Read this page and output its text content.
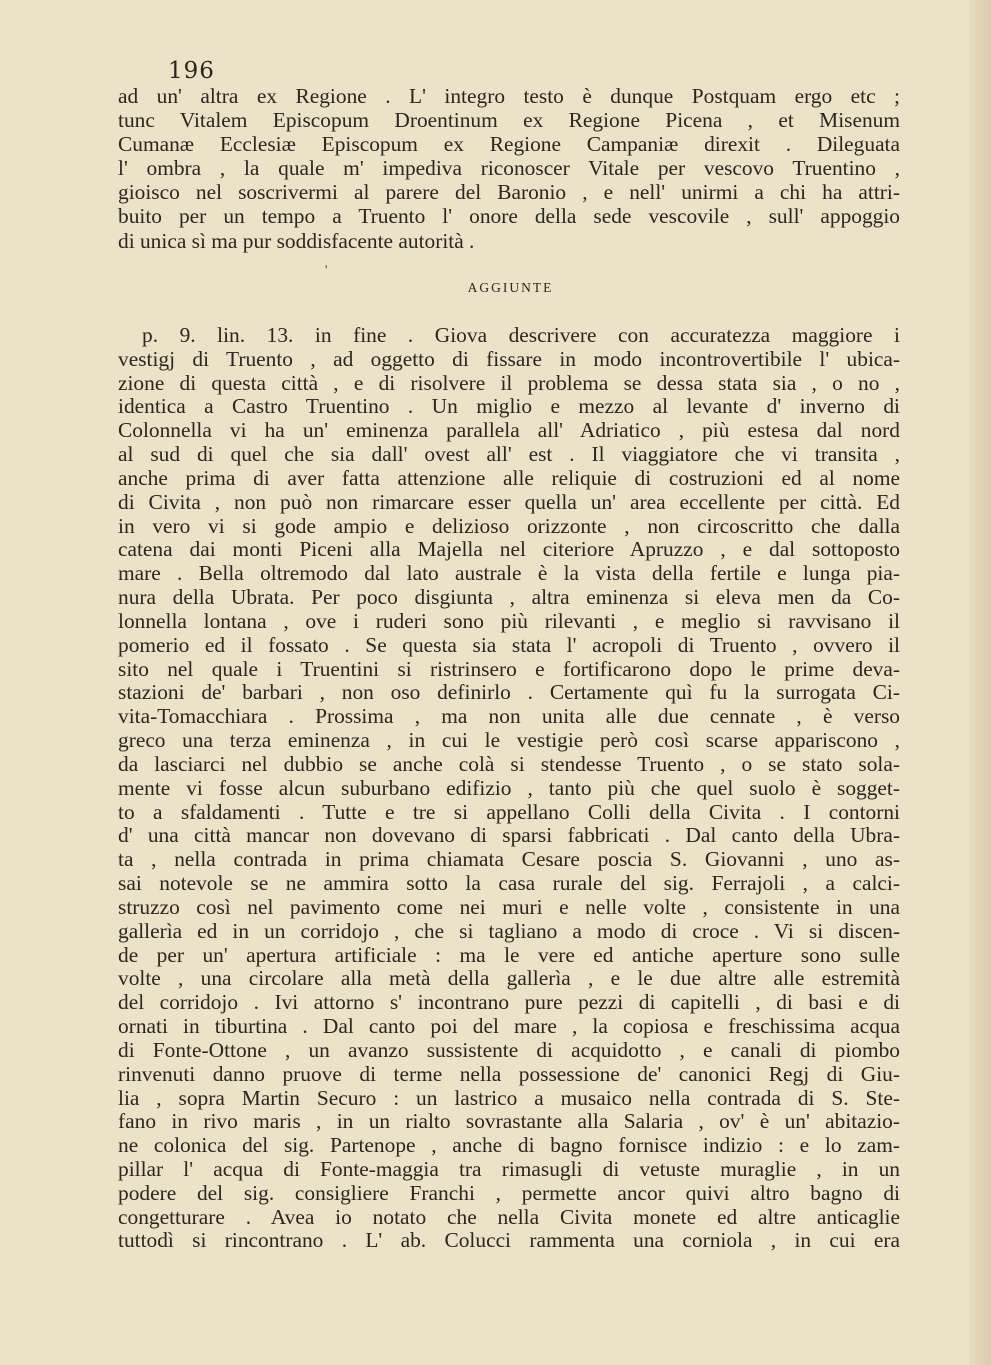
196
ad un' altra ex Regione . L' integro testo è dunque Postquam ergo etc ;
tunc Vitalem Episcopum Droentinum ex Regione Picena , et Misenum
Cumanæ Ecclesiæ Episcopum ex Regione Campaniæ direxit . Dileguata
l' ombra , la quale m' impediva riconoscer Vitale per vescovo Truentino ,
gioisco nel soscrivermi al parere del Baronio , e nell' unirmi a chi ha attri-
buito per un tempo a Truento l' onore della sede vescovile , sull' appoggio
di unica sì ma pur soddisfacente autorità .
'
AGGIUNTE
p. 9. lin. 13. in fine . Giova descrivere con accuratezza maggiore i
vestigj di Truento , ad oggetto di fissare in modo incontrovertibile l' ubica-
zione di questa città , e di risolvere il problema se dessa stata sia , o no ,
identica a Castro Truentino . Un miglio e mezzo al levante d' inverno di
Colonnella vi ha un' eminenza parallela all' Adriatico , più estesa dal nord
al sud di quel che sia dall' ovest all' est . Il viaggiatore che vi transita ,
anche prima di aver fatta attenzione alle reliquie di costruzioni ed al nome
di Civita , non può non rimarcare esser quella un' area eccellente per città. Ed
in vero vi si gode ampio e delizioso orizzonte , non circoscritto che dalla
catena dai monti Piceni alla Majella nel citeriore Apruzzo , e dal sottoposto
mare . Bella oltremodo dal lato australe è la vista della fertile e lunga pia-
nura della Ubrata. Per poco disgiunta , altra eminenza si eleva men da Co-
lonnella lontana , ove i ruderi sono più rilevanti , e meglio si ravvisano il
pomerio ed il fossato . Se questa sia stata l' acropoli di Truento , ovvero il
sito nel quale i Truentini si ristrinsero e fortificarono dopo le prime deva-
stazioni de' barbari , non oso definirlo . Certamente quì fu la surrogata Ci-
vita-Tomacchiara . Prossima , ma non unita alle due cennate , è verso
greco una terza eminenza , in cui le vestigie però così scarse apparisconо ,
da lasciarci nel dubbio se anche colà si stendesse Truento , o se stato sola-
mente vi fosse alcun suburbano edifizio , tanto più che quel suolo è sogget-
to a sfaldamenti . Tutte e tre si appellano Colli della Civita . I contorni
d' una città mancar non dovevano di sparsi fabbricati . Dal canto della Ubra-
ta , nella contrada in prima chiamata Cesare poscia S. Giovanni , uno as-
sai notevole se ne ammira sotto la casa rurale del sig. Ferrajoli , a calci-
struzzo così nel pavimento come nei muri e nelle volte , consistente in una
gallerìa ed in un corridojo , che si tagliano a modo di croce . Vi si discen-
de per un' apertura artificiale : ma le vere ed antiche aperture sono sulle
volte , una circolare alla metà della gallerìa , e le due altre alle estremità
del corridojo . Ivi attorno s' incontrano pure pezzi di capitelli , di basi e di
ornati in tiburtina . Dal canto poi del mare , la copiosa e freschissima acqua
di Fonte-Ottone , un avanzo sussistente di acquidotto , e canali di piombo
rinvenuti danno pruove di terme nella possessione de' canonici Regj di Giu-
lia , sopra Martin Securo : un lastrico a musaico nella contrada di S. Ste-
fano in rivo maris , in un rialto sovrastante alla Salaria , ov' è un' abitazio-
ne colonica del sig. Partenope , anche di bagno fornisce indizio : e lo zam-
pillar l' acqua di Fonte-maggia tra rimasugli di vetuste muraglie , in un
podere del sig. consigliere Franchi , permette ancor quivi altro bagno di
congetturare . Avea io notato che nella Civita monete ed altre anticaglie
tuttodì si rincontrano . L' ab. Colucci rammenta una corniola , in cui era
